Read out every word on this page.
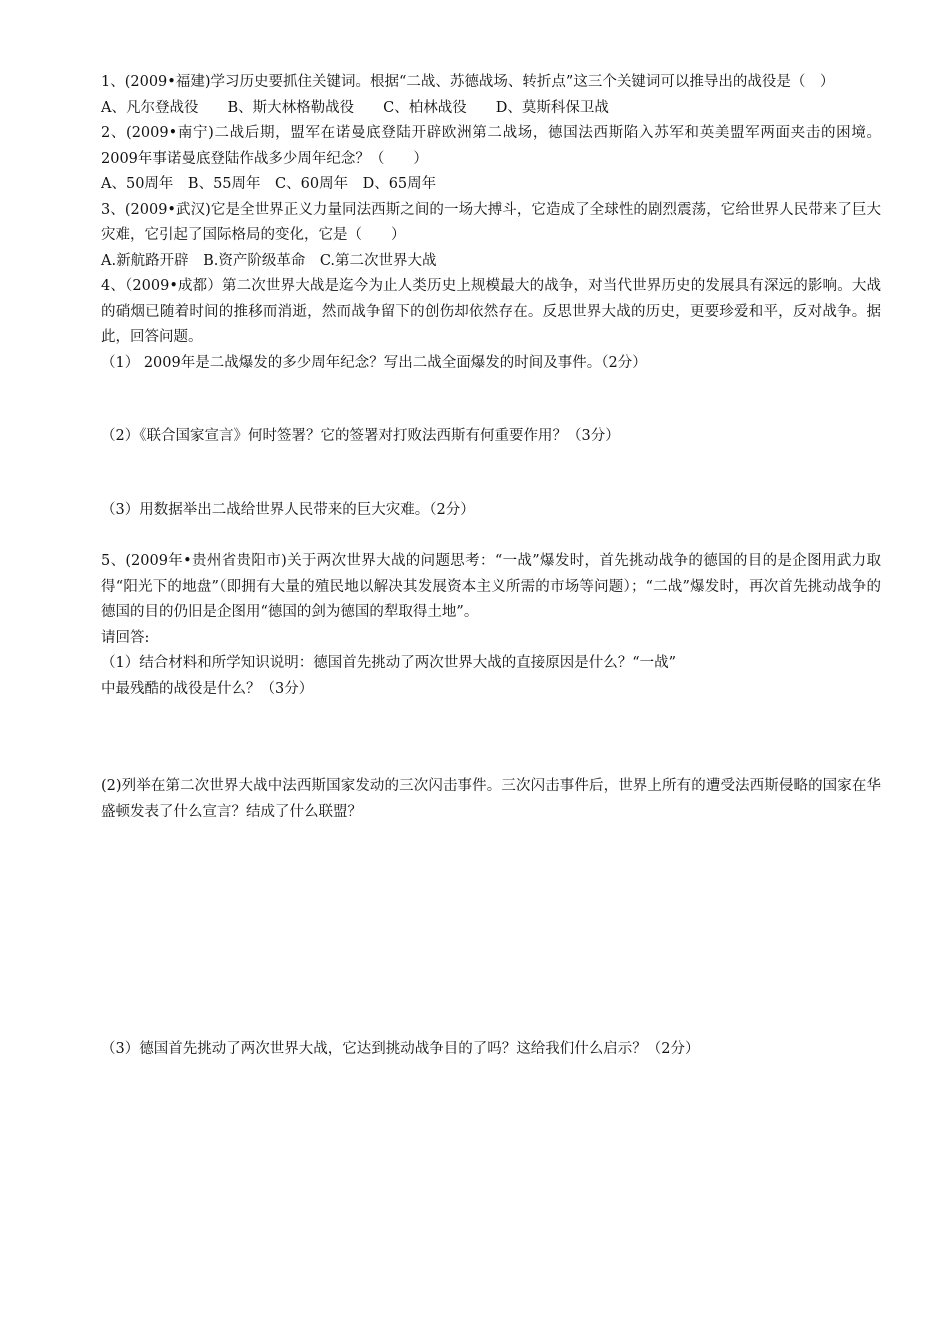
1、(2009•福建)学习历史要抓住关键词。根据“二战、苏德战场、转折点”这三个关键词可以推导出的战役是（　）
A、凡尔登战役　　B、斯大林格勒战役　　C、柏林战役　　D、莫斯科保卫战
2、(2009•南宁)二战后期，盟军在诺曼底登陆开辟欧洲第二战场，德国法西斯陷入苏军和英美盟军两面夹击的困境。2009年事诺曼底登陆作战多少周年纪念？（　　）
A、50周年　B、55周年　C、60周年　D、65周年
3、(2009•武汉)它是全世界正义力量同法西斯之间的一场大搏斗，它造成了全球性的剧烈震荡，它给世界人民带来了巨大灾难，它引起了国际格局的变化，它是（　　）
A.新航路开辟　B.资产阶级革命　C.第二次世界大战
4、（2009•成都）第二次世界大战是迄今为止人类历史上规模最大的战争，对当代世界历史的发展具有深远的影响。大战的硝烟已随着时间的推移而消逝，然而战争留下的创伤却依然存在。反思世界大战的历史，更要珍爱和平，反对战争。据此，回答问题。
（1） 2009年是二战爆发的多少周年纪念？写出二战全面爆发的时间及事件。（2分）
（2）《联合国家宣言》何时签署？它的签署对打败法西斯有何重要作用？（3分）
（3）用数据举出二战给世界人民带来的巨大灾难。（2分）
5、(2009年•贵州省贵阳市)关于两次世界大战的问题思考：“一战”爆发时，首先挑动战争的德国的目的是企图用武力取得“阳光下的地盘”（即拥有大量的殖民地以解决其发展资本主义所需的市场等问题）；“二战”爆发时，再次首先挑动战争的德国的目的仍旧是企图用“德国的剑为德国的犁取得土地”。
请回答:
（1）结合材料和所学知识说明：德国首先挑动了两次世界大战的直接原因是什么？“一战”
中最残酷的战役是什么？（3分）
(2)列举在第二次世界大战中法西斯国家发动的三次闪击事件。三次闪击事件后，世界上所有的遭受法西斯侵略的国家在华盛顿发表了什么宣言？结成了什么联盟？
（3）德国首先挑动了两次世界大战，它达到挑动战争目的了吗？这给我们什么启示？（2分）
